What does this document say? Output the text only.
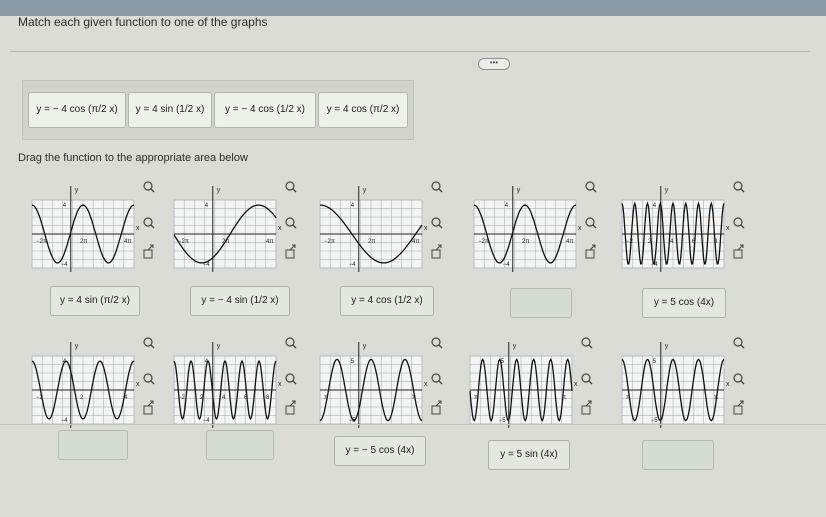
Match each given function to one of the graphs
•••
y = − 4 cos (π/2 x)	y = 4 sin (1/2 x)	y = − 4 cos (1/2 x)	y = 4 cos (π/2 x)
Drag the function to the appropriate area below
y
x
4
−4
−2π	2π	4π
y
x
4
−4
−2π	2π	4π
y
x
4
−4
−2π	2π	4π
y
x
4
−4
−2π	2π	4π
y
x
4
−4
−2	2	4	6	8
y
x
4
−4
−2	2	4
y
x
4
−4
−2	2	4	6	8
y
x
5
−5
π	π
y
x
5
−5
π	π
y
x
5
−5
π	π
y = 4 sin (π/2 x)	y = − 4 sin (1/2 x)	y = 4 cos (1/2 x)	y = 5 cos (4x)
y = − 5 cos (4x)	y = 5 sin (4x)
